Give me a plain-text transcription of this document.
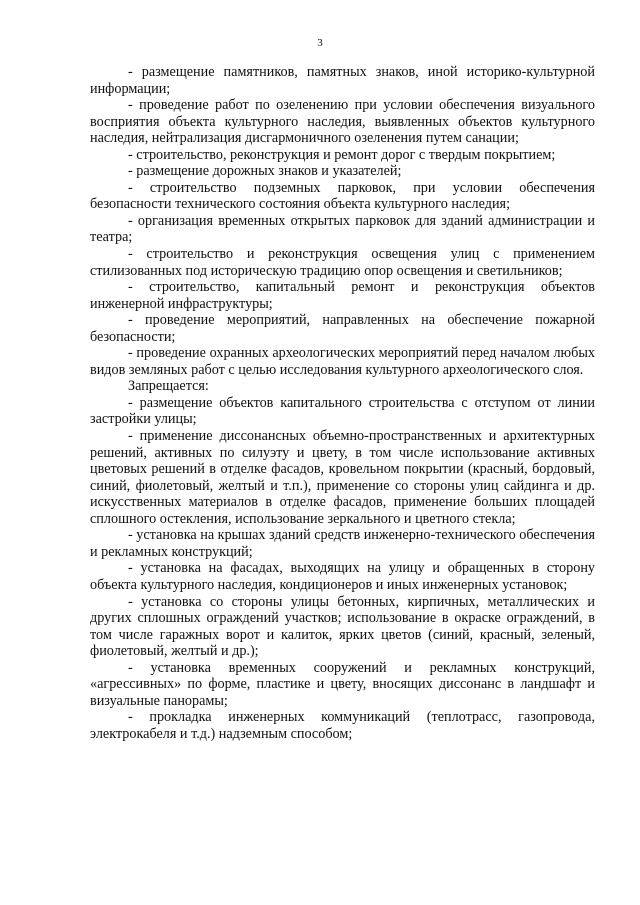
3

- размещение памятников, памятных знаков, иной историко-культурной информации;

- проведение работ по озеленению при условии обеспечения визуального восприятия объекта культурного наследия, выявленных объектов культурного наследия, нейтрализация дисгармоничного озеленения путем санации;

- строительство, реконструкция и ремонт дорог с твердым покрытием;

- размещение дорожных знаков и указателей;

- строительство подземных парковок, при условии обеспечения безопасности технического состояния объекта культурного наследия;

- организация временных открытых парковок для зданий администрации и театра;

- строительство и реконструкция освещения улиц с применением стилизованных под историческую традицию опор освещения и светильников;

- строительство, капитальный ремонт и реконструкция объектов инженерной инфраструктуры;

- проведение мероприятий, направленных на обеспечение пожарной безопасности;

- проведение охранных археологических мероприятий перед началом любых видов земляных работ с целью исследования культурного археологического слоя.

Запрещается:

- размещение объектов капитального строительства с отступом от линии застройки улицы;

- применение диссонансных объемно-пространственных и архитектурных решений, активных по силуэту и цвету, в том числе использование активных цветовых решений в отделке фасадов, кровельном покрытии (красный, бордовый, синий, фиолетовый, желтый и т.п.), применение со стороны улиц сайдинга и др. искусственных материалов в отделке фасадов, применение больших площадей сплошного остекления, использование зеркального и цветного стекла;

- установка на крышах зданий средств инженерно-технического обеспечения и рекламных конструкций;

- установка на фасадах, выходящих на улицу и обращенных в сторону объекта культурного наследия, кондиционеров и иных инженерных установок;

- установка со стороны улицы бетонных, кирпичных, металлических и других сплошных ограждений участков; использование в окраске ограждений, в том числе гаражных ворот и калиток, ярких цветов (синий, красный, зеленый, фиолетовый, желтый и др.);

- установка временных сооружений и рекламных конструкций, «агрессивных» по форме, пластике и цвету, вносящих диссонанс в ландшафт и визуальные панорамы;

- прокладка инженерных коммуникаций (теплотрасс, газопровода, электрокабеля и т.д.) надземным способом;
